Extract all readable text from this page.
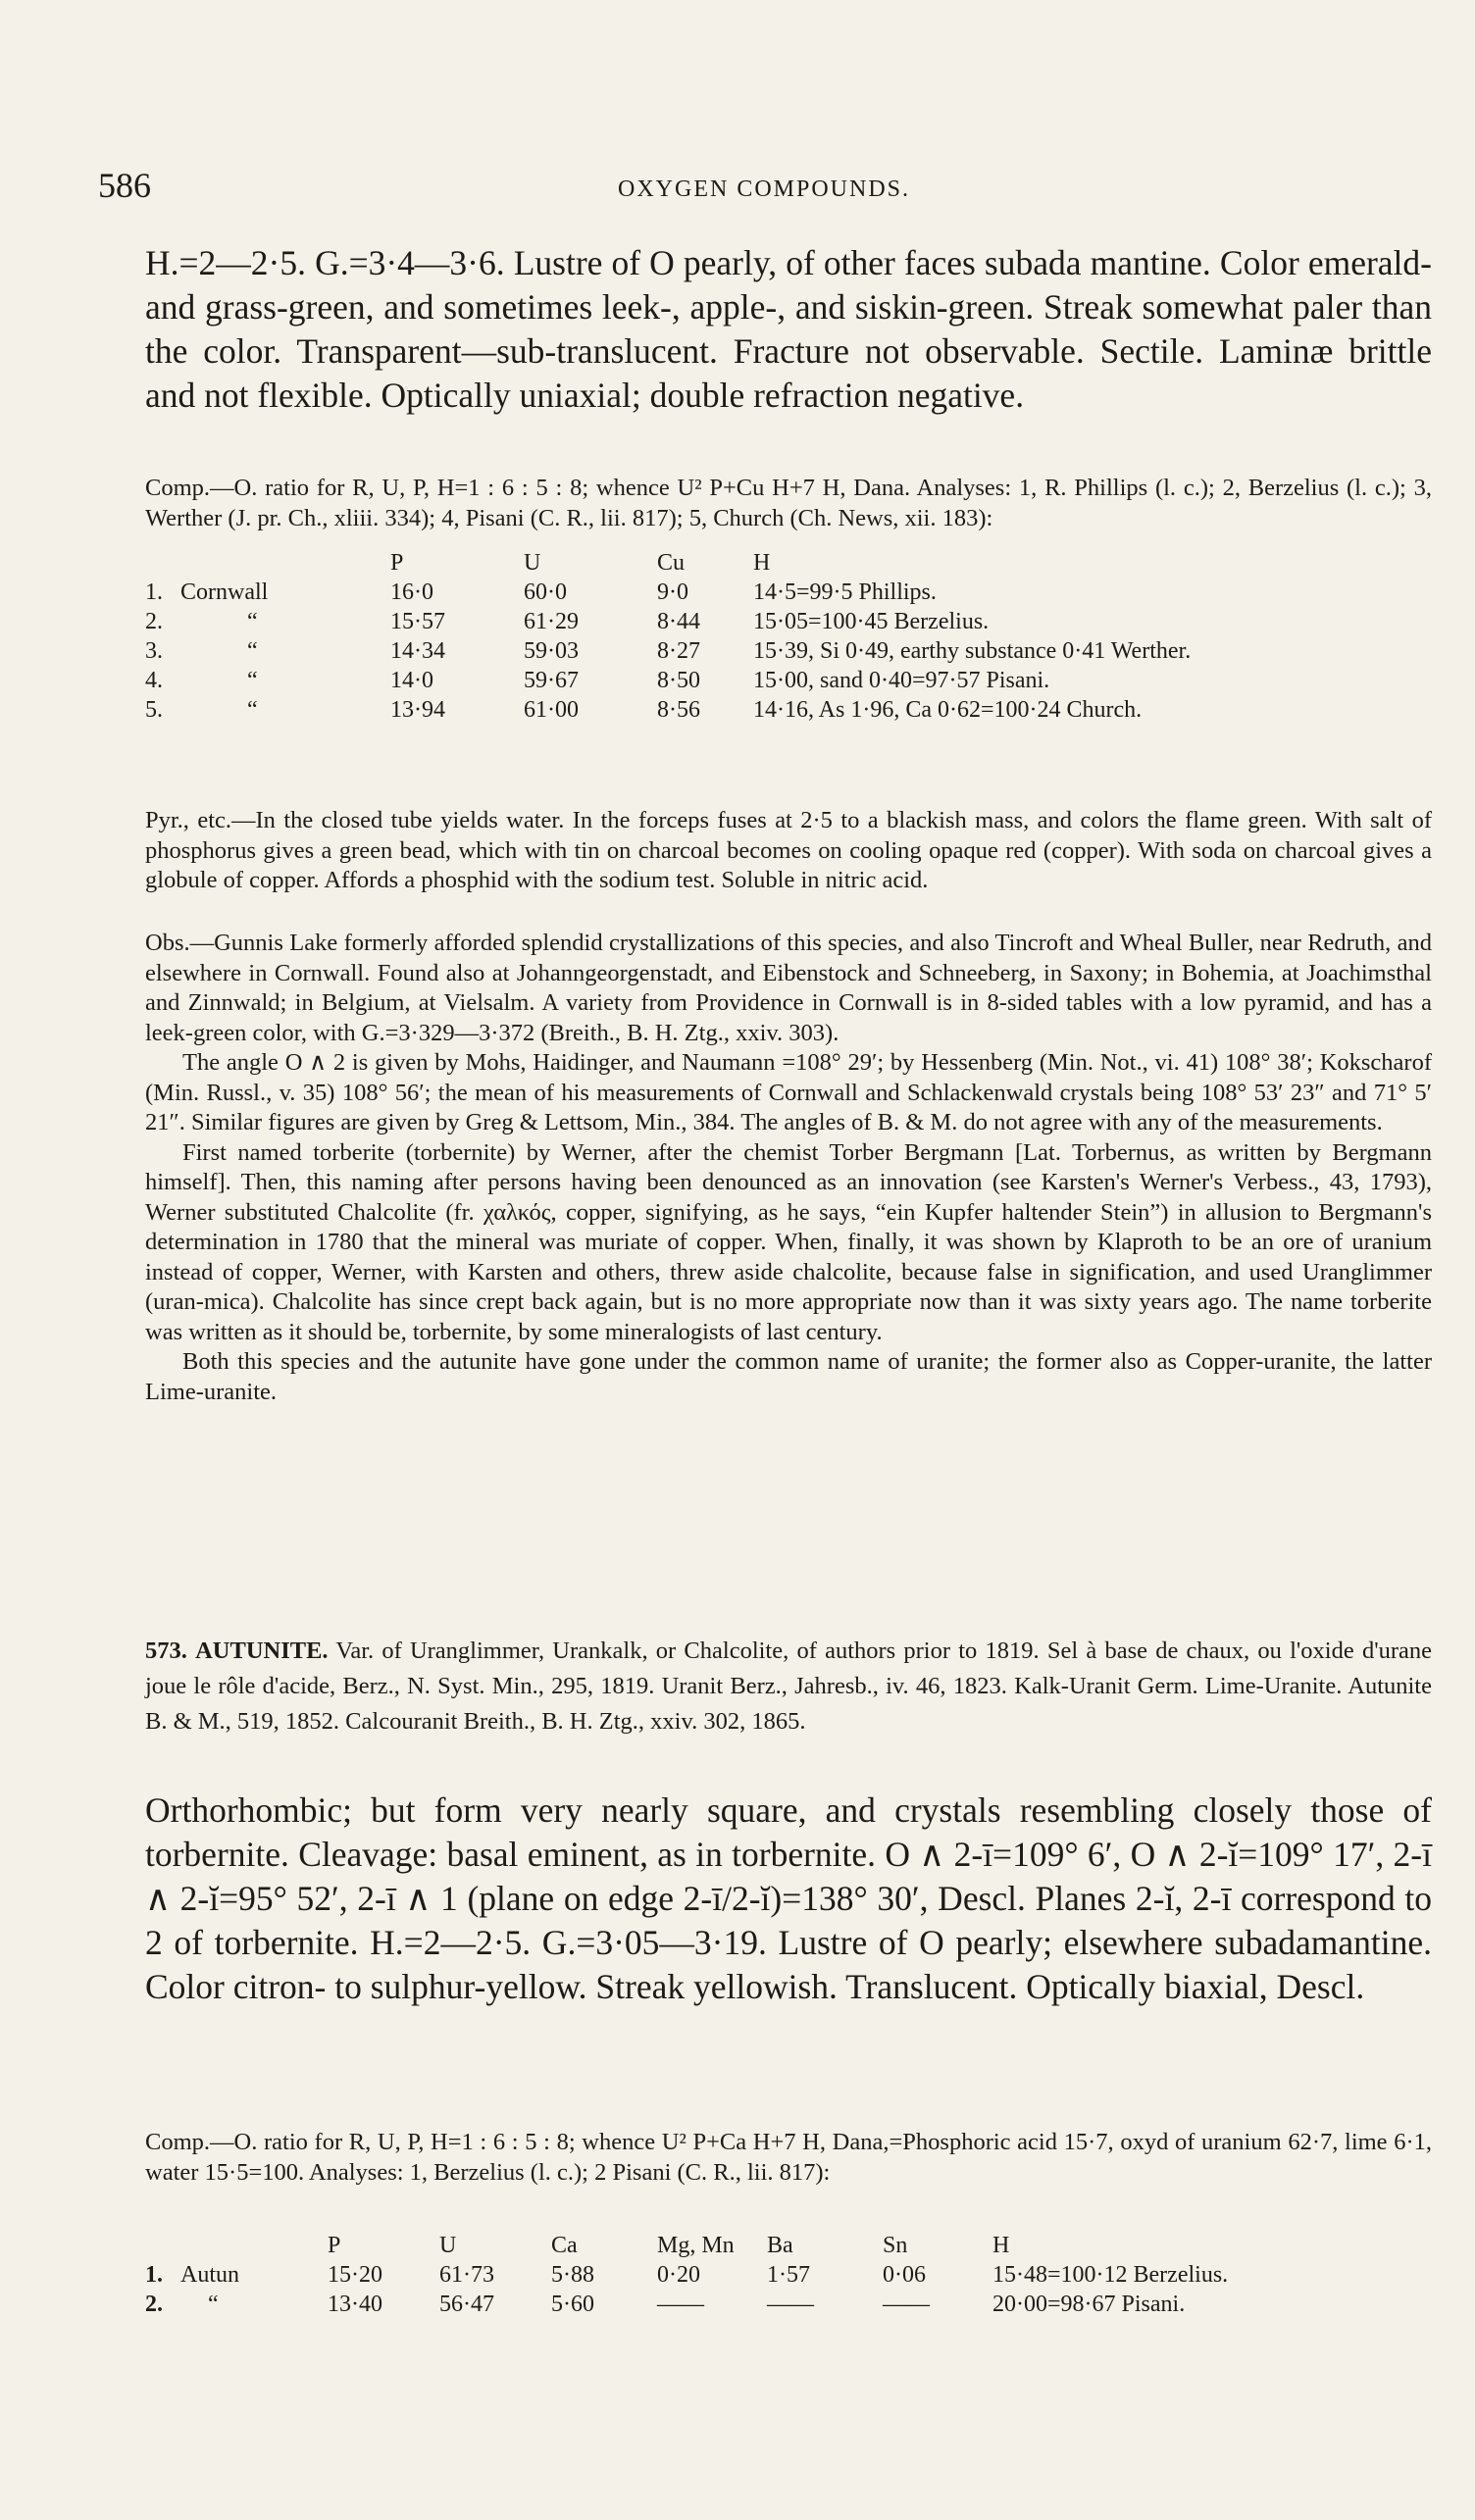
586	OXYGEN COMPOUNDS.

H.=2—2·5. G.=3·4—3·6. Lustre of O pearly, of other faces subada mantine. Color emerald- and grass-green, and sometimes leek-, apple-, and siskin-green. Streak somewhat paler than the color. Transparent—sub-translucent. Fracture not observable. Sectile. Laminæ brittle and not flexible. Optically uniaxial; double refraction negative.

Comp.—O. ratio for R, U, P, H=1 : 6 : 5 : 8; whence U² P+Cu H+7 H, Dana. Analyses: 1, R. Phillips (l. c.); 2, Berzelius (l. c.); 3, Werther (J. pr. Ch., xliii. 334); 4, Pisani (C. R., lii. 817); 5, Church (Ch. News, xii. 183):

		P	U	Cu	H
1.	Cornwall	16·0	60·0	9·0	14·5=99·5 Phillips.
2.	“	15·57	61·29	8·44	15·05=100·45 Berzelius.
3.	“	14·34	59·03	8·27	15·39, Si 0·49, earthy substance 0·41 Werther.
4.	“	14·0	59·67	8·50	15·00, sand 0·40=97·57 Pisani.
5.	“	13·94	61·00	8·56	14·16, As 1·96, Ca 0·62=100·24 Church.

Pyr., etc.—In the closed tube yields water. In the forceps fuses at 2·5 to a blackish mass, and colors the flame green. With salt of phosphorus gives a green bead, which with tin on charcoal becomes on cooling opaque red (copper). With soda on charcoal gives a globule of copper. Affords a phosphid with the sodium test. Soluble in nitric acid.

Obs.—Gunnis Lake formerly afforded splendid crystallizations of this species, and also Tincroft and Wheal Buller, near Redruth, and elsewhere in Cornwall. Found also at Johanngeorgenstadt, and Eibenstock and Schneeberg, in Saxony; in Bohemia, at Joachimsthal and Zinnwald; in Belgium, at Vielsalm. A variety from Providence in Cornwall is in 8-sided tables with a low pyramid, and has a leek-green color, with G.=3·329—3·372 (Breith., B. H. Ztg., xxiv. 303).

The angle O ∧ 2 is given by Mohs, Haidinger, and Naumann =108° 29′; by Hessenberg (Min. Not., vi. 41) 108° 38′; Kokscharof (Min. Russl., v. 35) 108° 56′; the mean of his measurements of Cornwall and Schlackenwald crystals being 108° 53′ 23″ and 71° 5′ 21″. Similar figures are given by Greg & Lettsom, Min., 384. The angles of B. & M. do not agree with any of the measurements.

First named torberite (torbernite) by Werner, after the chemist Torber Bergmann [Lat. Torbernus, as written by Bergmann himself]. Then, this naming after persons having been denounced as an innovation (see Karsten's Werner's Verbess., 43, 1793), Werner substituted Chalcolite (fr. χαλκός, copper, signifying, as he says, “ein Kupfer haltender Stein”) in allusion to Bergmann's determination in 1780 that the mineral was muriate of copper. When, finally, it was shown by Klaproth to be an ore of uranium instead of copper, Werner, with Karsten and others, threw aside chalcolite, because false in signification, and used Uranglimmer (uran-mica). Chalcolite has since crept back again, but is no more appropriate now than it was sixty years ago. The name torberite was written as it should be, torbernite, by some mineralogists of last century.

Both this species and the autunite have gone under the common name of uranite; the former also as Copper-uranite, the latter Lime-uranite.

573. AUTUNITE. Var. of Uranglimmer, Urankalk, or Chalcolite, of authors prior to 1819. Sel à base de chaux, ou l'oxide d'urane joue le rôle d'acide, Berz., N. Syst. Min., 295, 1819. Uranit Berz., Jahresb., iv. 46, 1823. Kalk-Uranit Germ. Lime-Uranite. Autunite B. & M., 519, 1852. Calcouranit Breith., B. H. Ztg., xxiv. 302, 1865.

Orthorhombic; but form very nearly square, and crystals resembling closely those of torbernite. Cleavage: basal eminent, as in torbernite. O ∧ 2-ī=109° 6′, O ∧ 2-ĭ=109° 17′, 2-ī ∧ 2-ĭ=95° 52′, 2-ī ∧ 1 (plane on edge 2-ī/2-ĭ)=138° 30′, Descl. Planes 2-ĭ, 2-ī correspond to 2 of torbernite. H.=2—2·5. G.=3·05—3·19. Lustre of O pearly; elsewhere subadamantine. Color citron- to sulphur-yellow. Streak yellowish. Translucent. Optically biaxial, Descl.

Comp.—O. ratio for R, U, P, H=1 : 6 : 5 : 8; whence U² P+Ca H+7 H, Dana,=Phosphoric acid 15·7, oxyd of uranium 62·7, lime 6·1, water 15·5=100. Analyses: 1, Berzelius (l. c.); 2 Pisani (C. R., lii. 817):

		P	U	Ca	Mg, Mn	Ba	Sn	H
1.	Autun	15·20	61·73	5·88	0·20	1·57	0·06	15·48=100·12 Berzelius.
2.	“	13·40	56·47	5·60	——	——	——	20·00=98·67 Pisani.
